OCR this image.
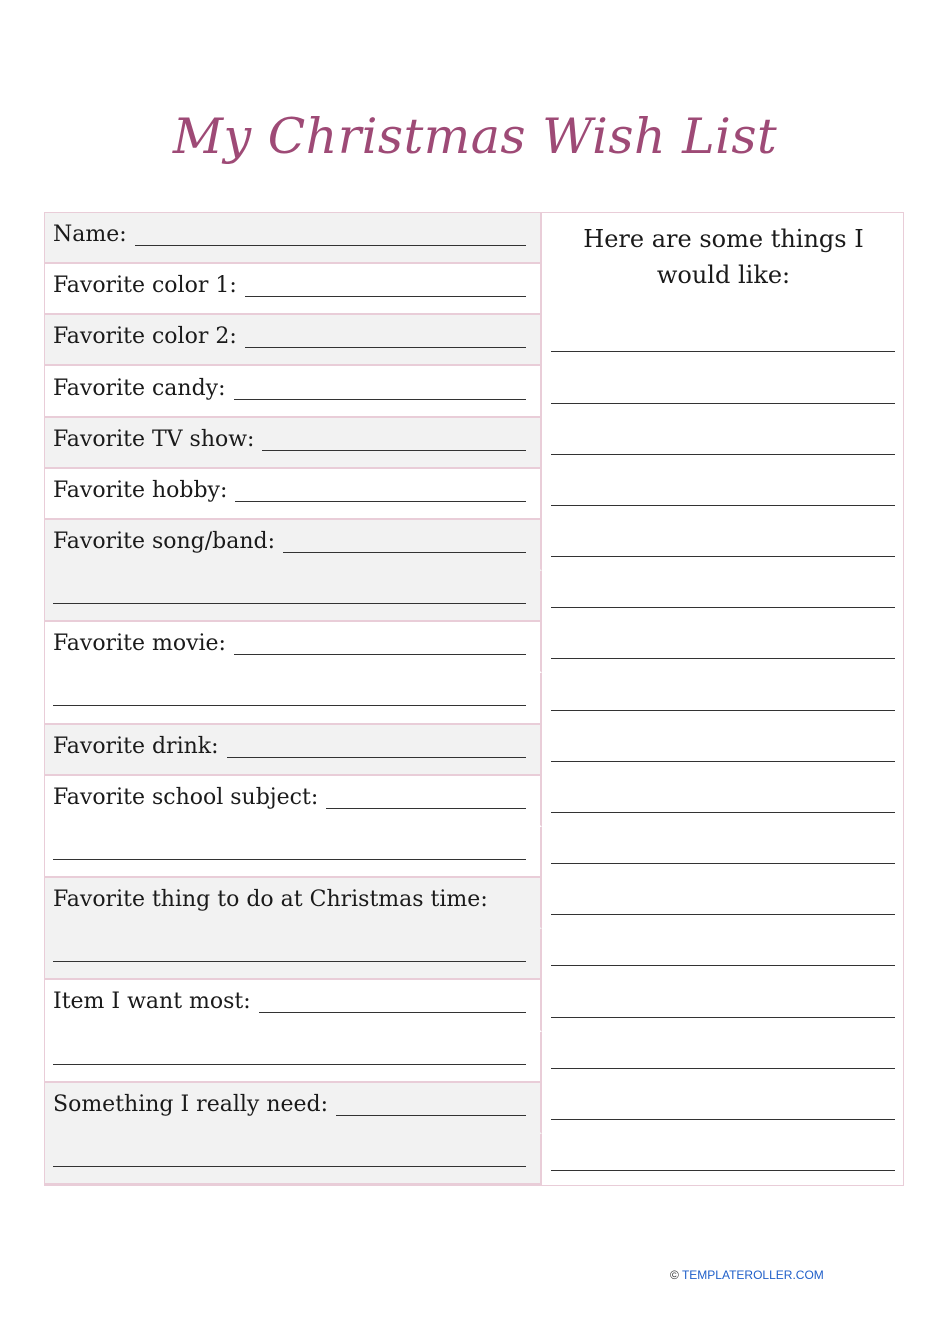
My Christmas Wish List
Here are some things I would like:
Name:
Favorite color 1:
Favorite color 2:
Favorite candy:
Favorite TV show:
Favorite hobby:
Favorite song/band:
Favorite movie:
Favorite drink:
Favorite school subject:
Favorite thing to do at Christmas time:
Item I want most:
Something I really need:
© TEMPLATEROLLER.COM
